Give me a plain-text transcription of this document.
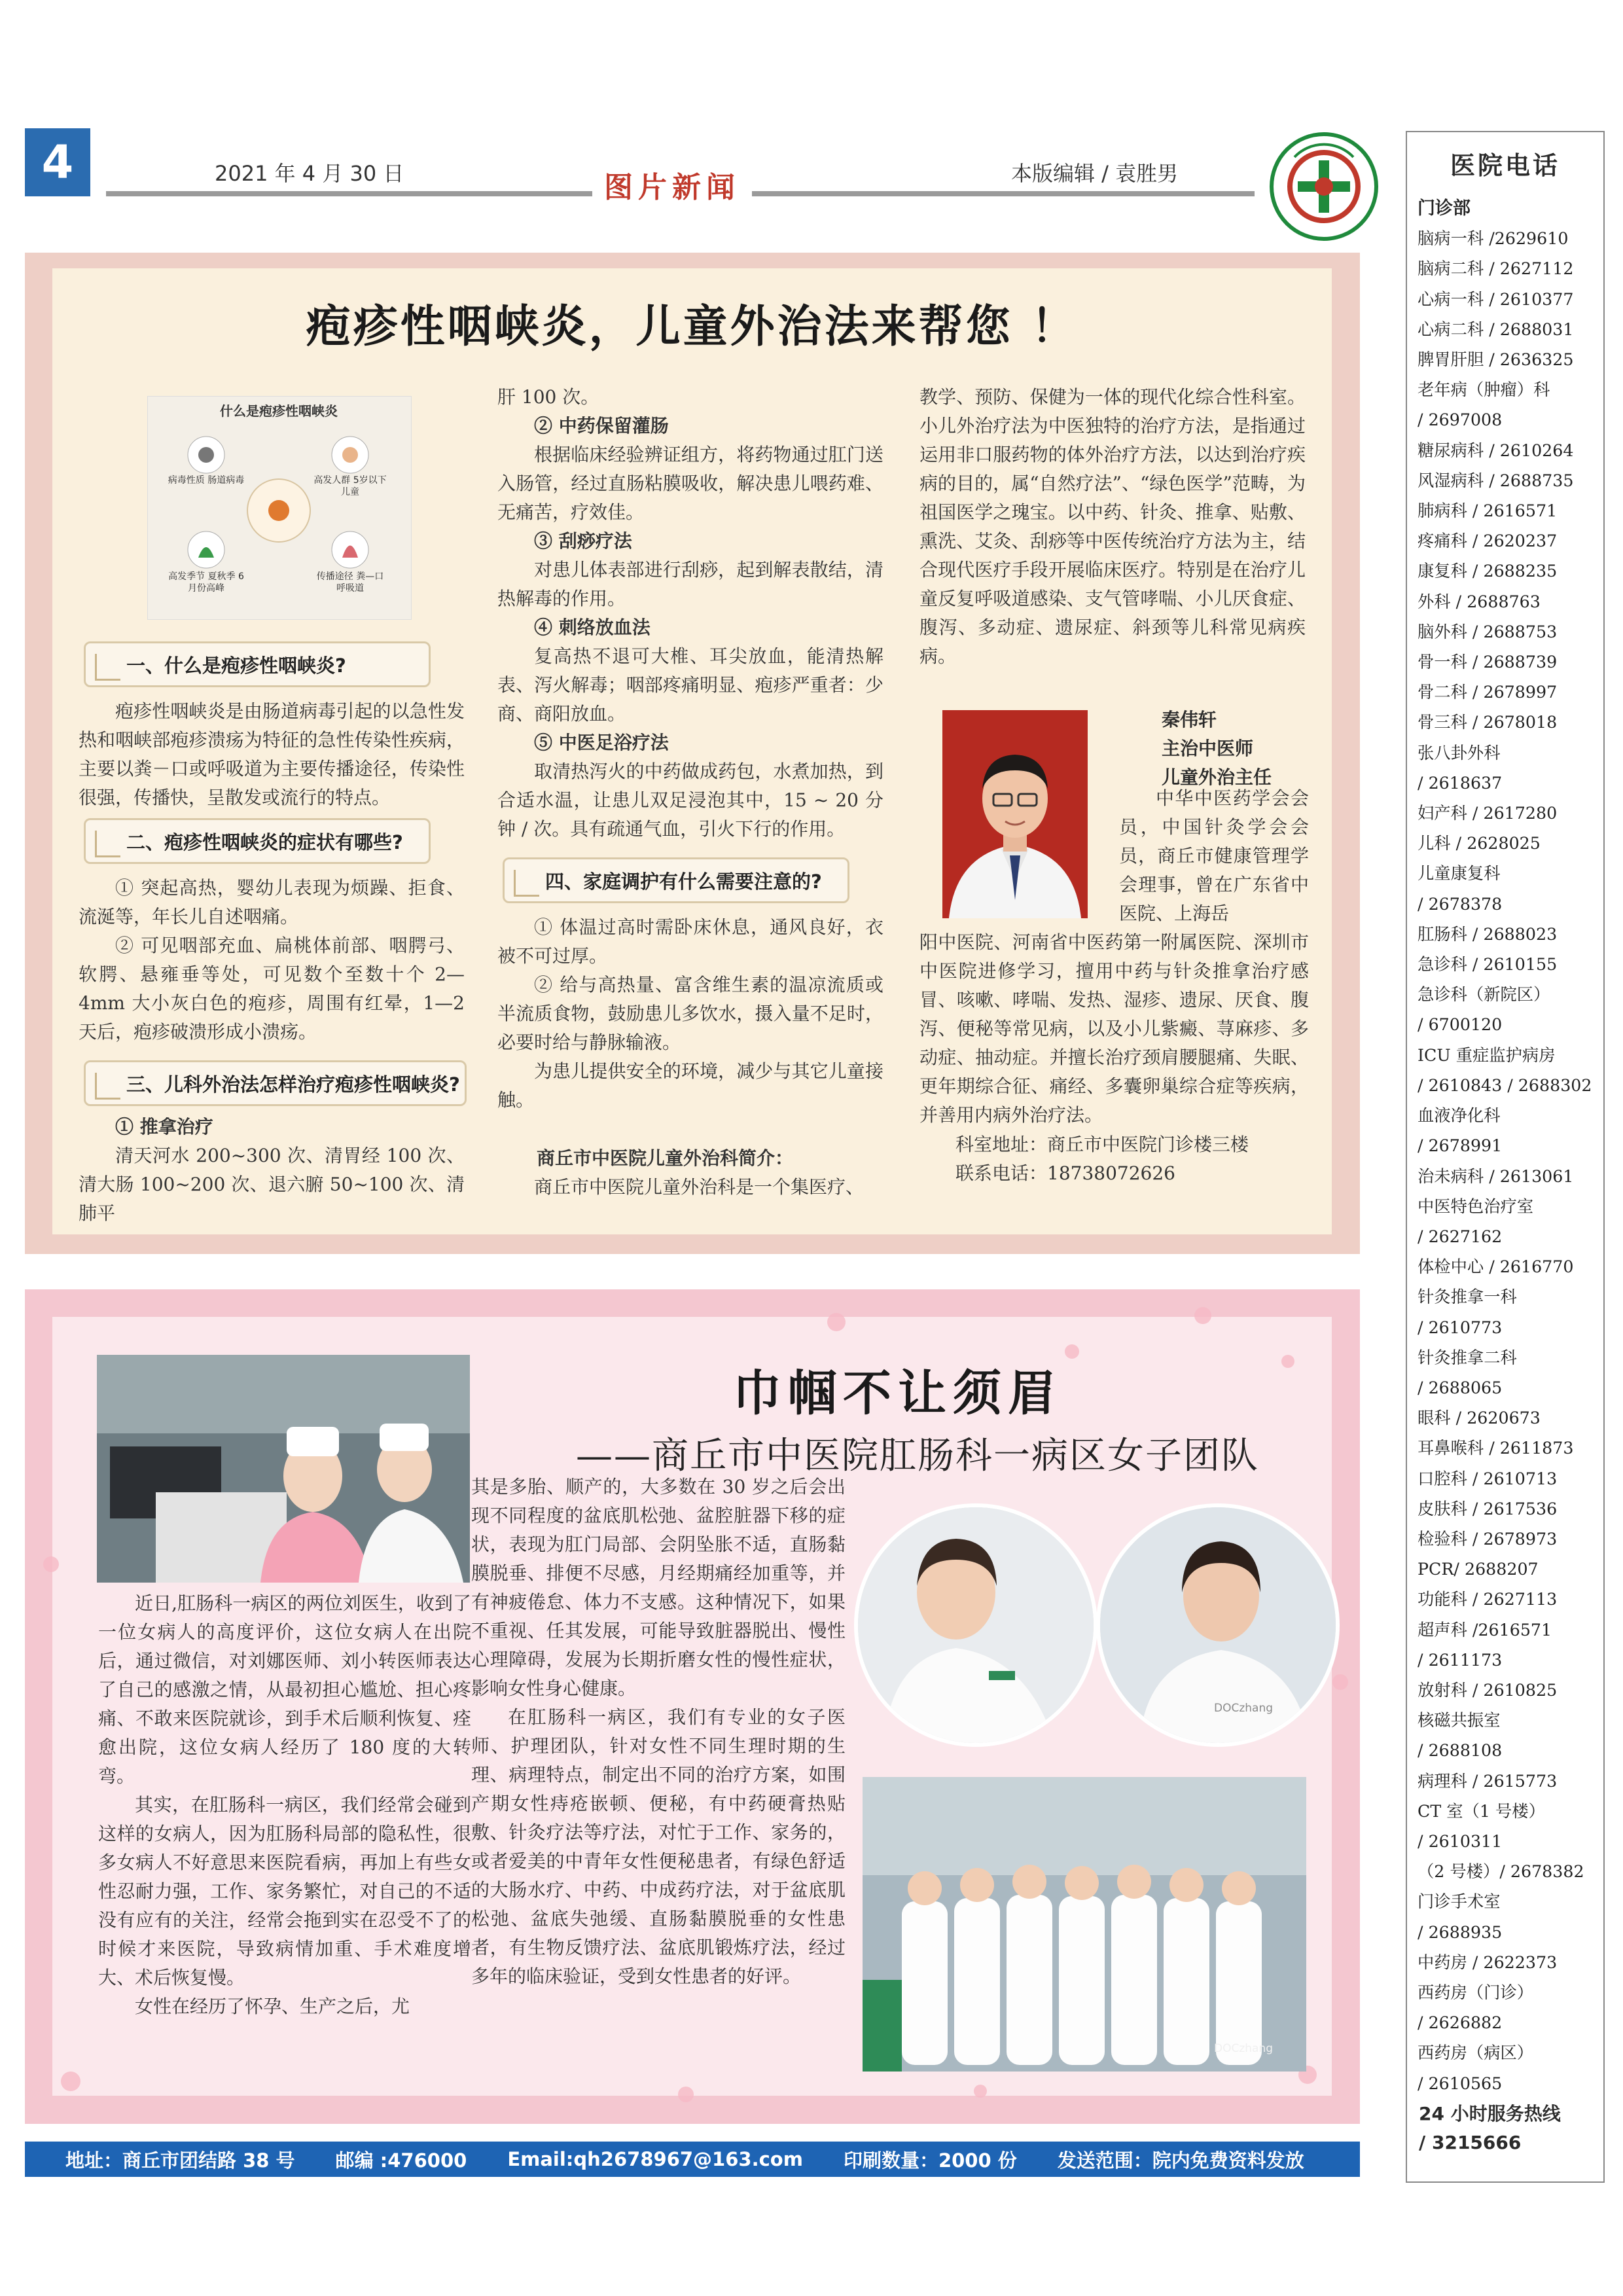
4	2021 年 4 月 30 日	图片新闻	本版编辑 / 袁胜男
疱疹性咽峡炎，儿童外治法来帮您 ！
什么是疱疹性咽峡炎
病毒性质 肠道病毒	高发人群 5岁以下儿童
高发季节 夏秋季 6月份高峰
传播途径 粪—口 呼吸道
一、什么是疱疹性咽峡炎?

疱疹性咽峡炎是由肠道病毒引起的以急性发热和咽峡部疱疹溃疡为特征的急性传染性疾病，主要以粪－口或呼吸道为主要传播途径，传染性很强，传播快，呈散发或流行的特点。

二、疱疹性咽峡炎的症状有哪些?

① 突起高热，婴幼儿表现为烦躁、拒食、流涎等，年长儿自述咽痛。

② 可见咽部充血、扁桃体前部、咽腭弓、软腭、悬雍垂等处，可见数个至数十个 2—4mm 大小灰白色的疱疹，周围有红晕，1—2天后，疱疹破溃形成小溃疡。

三、儿科外治法怎样治疗疱疹性咽峡炎?

① 推拿治疗

清天河水 200~300 次、清胃经 100 次、清大肠 100~200 次、退六腑 50~100 次、清肺平

肝 100 次。

② 中药保留灌肠

根据临床经验辨证组方，将药物通过肛门送入肠管，经过直肠粘膜吸收，解决患儿喂药难、无痛苦，疗效佳。

③ 刮痧疗法

对患儿体表部进行刮痧，起到解表散结，清热解毒的作用。

④ 刺络放血法

复高热不退可大椎、耳尖放血，能清热解表、泻火解毒；咽部疼痛明显、疱疹严重者：少商、商阳放血。

⑤ 中医足浴疗法

取清热泻火的中药做成药包，水煮加热，到合适水温，让患儿双足浸泡其中，15 ~ 20 分钟 / 次。具有疏通气血，引火下行的作用。

四、家庭调护有什么需要注意的?

① 体温过高时需卧床休息，通风良好，衣被不可过厚。

② 给与高热量、富含维生素的温凉流质或半流质食物，鼓励患儿多饮水，摄入量不足时，必要时给与静脉输液。

为患儿提供安全的环境，减少与其它儿童接触。

商丘市中医院儿童外治科简介：

商丘市中医院儿童外治科是一个集医疗、

教学、预防、保健为一体的现代化综合性科室。小儿外治疗法为中医独特的治疗方法，是指通过运用非口服药物的体外治疗方法，以达到治疗疾病的目的，属“自然疗法”、“绿色医学”范畴，为祖国医学之瑰宝。以中药、针灸、推拿、贴敷、熏洗、艾灸、刮痧等中医传统治疗方法为主，结合现代医疗手段开展临床医疗。特别是在治疗儿童反复呼吸道感染、支气管哮喘、小儿厌食症、腹泻、多动症、遗尿症、斜颈等儿科常见病疾病。

秦伟轩
主治中医师
儿童外治主任

中华中医药学会会员，中国针灸学会会员，商丘市健康管理学会理事，曾在广东省中医院、上海岳

阳中医院、河南省中医药第一附属医院、深圳市中医院进修学习，擅用中药与针灸推拿治疗感冒、咳嗽、哮喘、发热、湿疹、遗尿、厌食、腹泻、便秘等常见病，以及小儿紫癜、荨麻疹、多动症、抽动症。并擅长治疗颈肩腰腿痛、失眠、更年期综合征、痛经、多囊卵巢综合症等疾病，并善用内病外治疗法。

科室地址：商丘市中医院门诊楼三楼
联系电话：18738072626
巾帼不让须眉
——商丘市中医院肛肠科一病区女子团队

近日,肛肠科一病区的两位刘医生，收到了一位女病人的高度评价，这位女病人在出院后，通过微信，对刘娜医师、刘小转医师表达了自己的感激之情，从最初担心尴尬、担心疼痛、不敢来医院就诊，到手术后顺利恢复、痊愈出院，这位女病人经历了 180 度的大转弯。

其实，在肛肠科一病区，我们经常会碰到这样的女病人，因为肛肠科局部的隐私性，很多女病人不好意思来医院看病，再加上有些女性忍耐力强，工作、家务繁忙，对自己的不适没有应有的关注，经常会拖到实在忍受不了的时候才来医院，导致病情加重、手术难度增大、术后恢复慢。

女性在经历了怀孕、生产之后，尤

其是多胎、顺产的，大多数在 30 岁之后会出现不同程度的盆底肌松弛、盆腔脏器下移的症状，表现为肛门局部、会阴坠胀不适，直肠黏膜脱垂、排便不尽感，月经期痛经加重等，并有神疲倦怠、体力不支感。这种情况下，如果不重视、任其发展，可能导致脏器脱出、慢性心理障碍，发展为长期折磨女性的慢性症状，影响女性身心健康。

在肛肠科一病区，我们有专业的女子医师、护理团队，针对女性不同生理时期的生理、病理特点，制定出不同的治疗方案，如围产期女性痔疮嵌顿、便秘，有中药硬膏热贴敷、针灸疗法等疗法，对忙于工作、家务的，或者爱美的中青年女性便秘患者，有绿色舒适的大肠水疗、中药、中成药疗法，对于盆底肌松弛、盆底失弛缓、直肠黏膜脱垂的女性患者，有生物反馈疗法、盆底肌锻炼疗法，经过多年的临床验证，受到女性患者的好评。

DOCzhang
DOCzhang
地址：商丘市团结路 38 号 邮编 :476000 Email:qh2678967@163.com 印刷数量：2000 份 发送范围：院内免费资料发放
医院电话
门诊部
脑病一科 /2629610
脑病二科 / 2627112
心病一科 / 2610377
心病二科 / 2688031
脾胃肝胆 / 2636325
老年病（肿瘤）科
/ 2697008
糖尿病科 / 2610264
风湿病科 / 2688735
肺病科 / 2616571
疼痛科 / 2620237
康复科 / 2688235
外科 / 2688763
脑外科 / 2688753
骨一科 / 2688739
骨二科 / 2678997
骨三科 / 2678018
张八卦外科
/ 2618637
妇产科 / 2617280
儿科 / 2628025
儿童康复科
/ 2678378
肛肠科 / 2688023
急诊科 / 2610155
急诊科（新院区）
/ 6700120
ICU 重症监护病房
/ 2610843 / 2688302
血液净化科
/ 2678991
治未病科 / 2613061
中医特色治疗室
/ 2627162
体检中心 / 2616770
针灸推拿一科
/ 2610773
针灸推拿二科
/ 2688065
眼科 / 2620673
耳鼻喉科 / 2611873
口腔科 / 2610713
皮肤科 / 2617536
检验科 / 2678973
PCR/ 2688207
功能科 / 2627113
超声科 /2616571
/ 2611173
放射科 / 2610825
核磁共振室
/ 2688108
病理科 / 2615773
CT 室（1 号楼）
/ 2610311
（2 号楼）/ 2678382
门诊手术室
/ 2688935
中药房 / 2622373
西药房（门诊）
/ 2626882
西药房（病区）
/ 2610565
24 小时服务热线
/ 3215666
